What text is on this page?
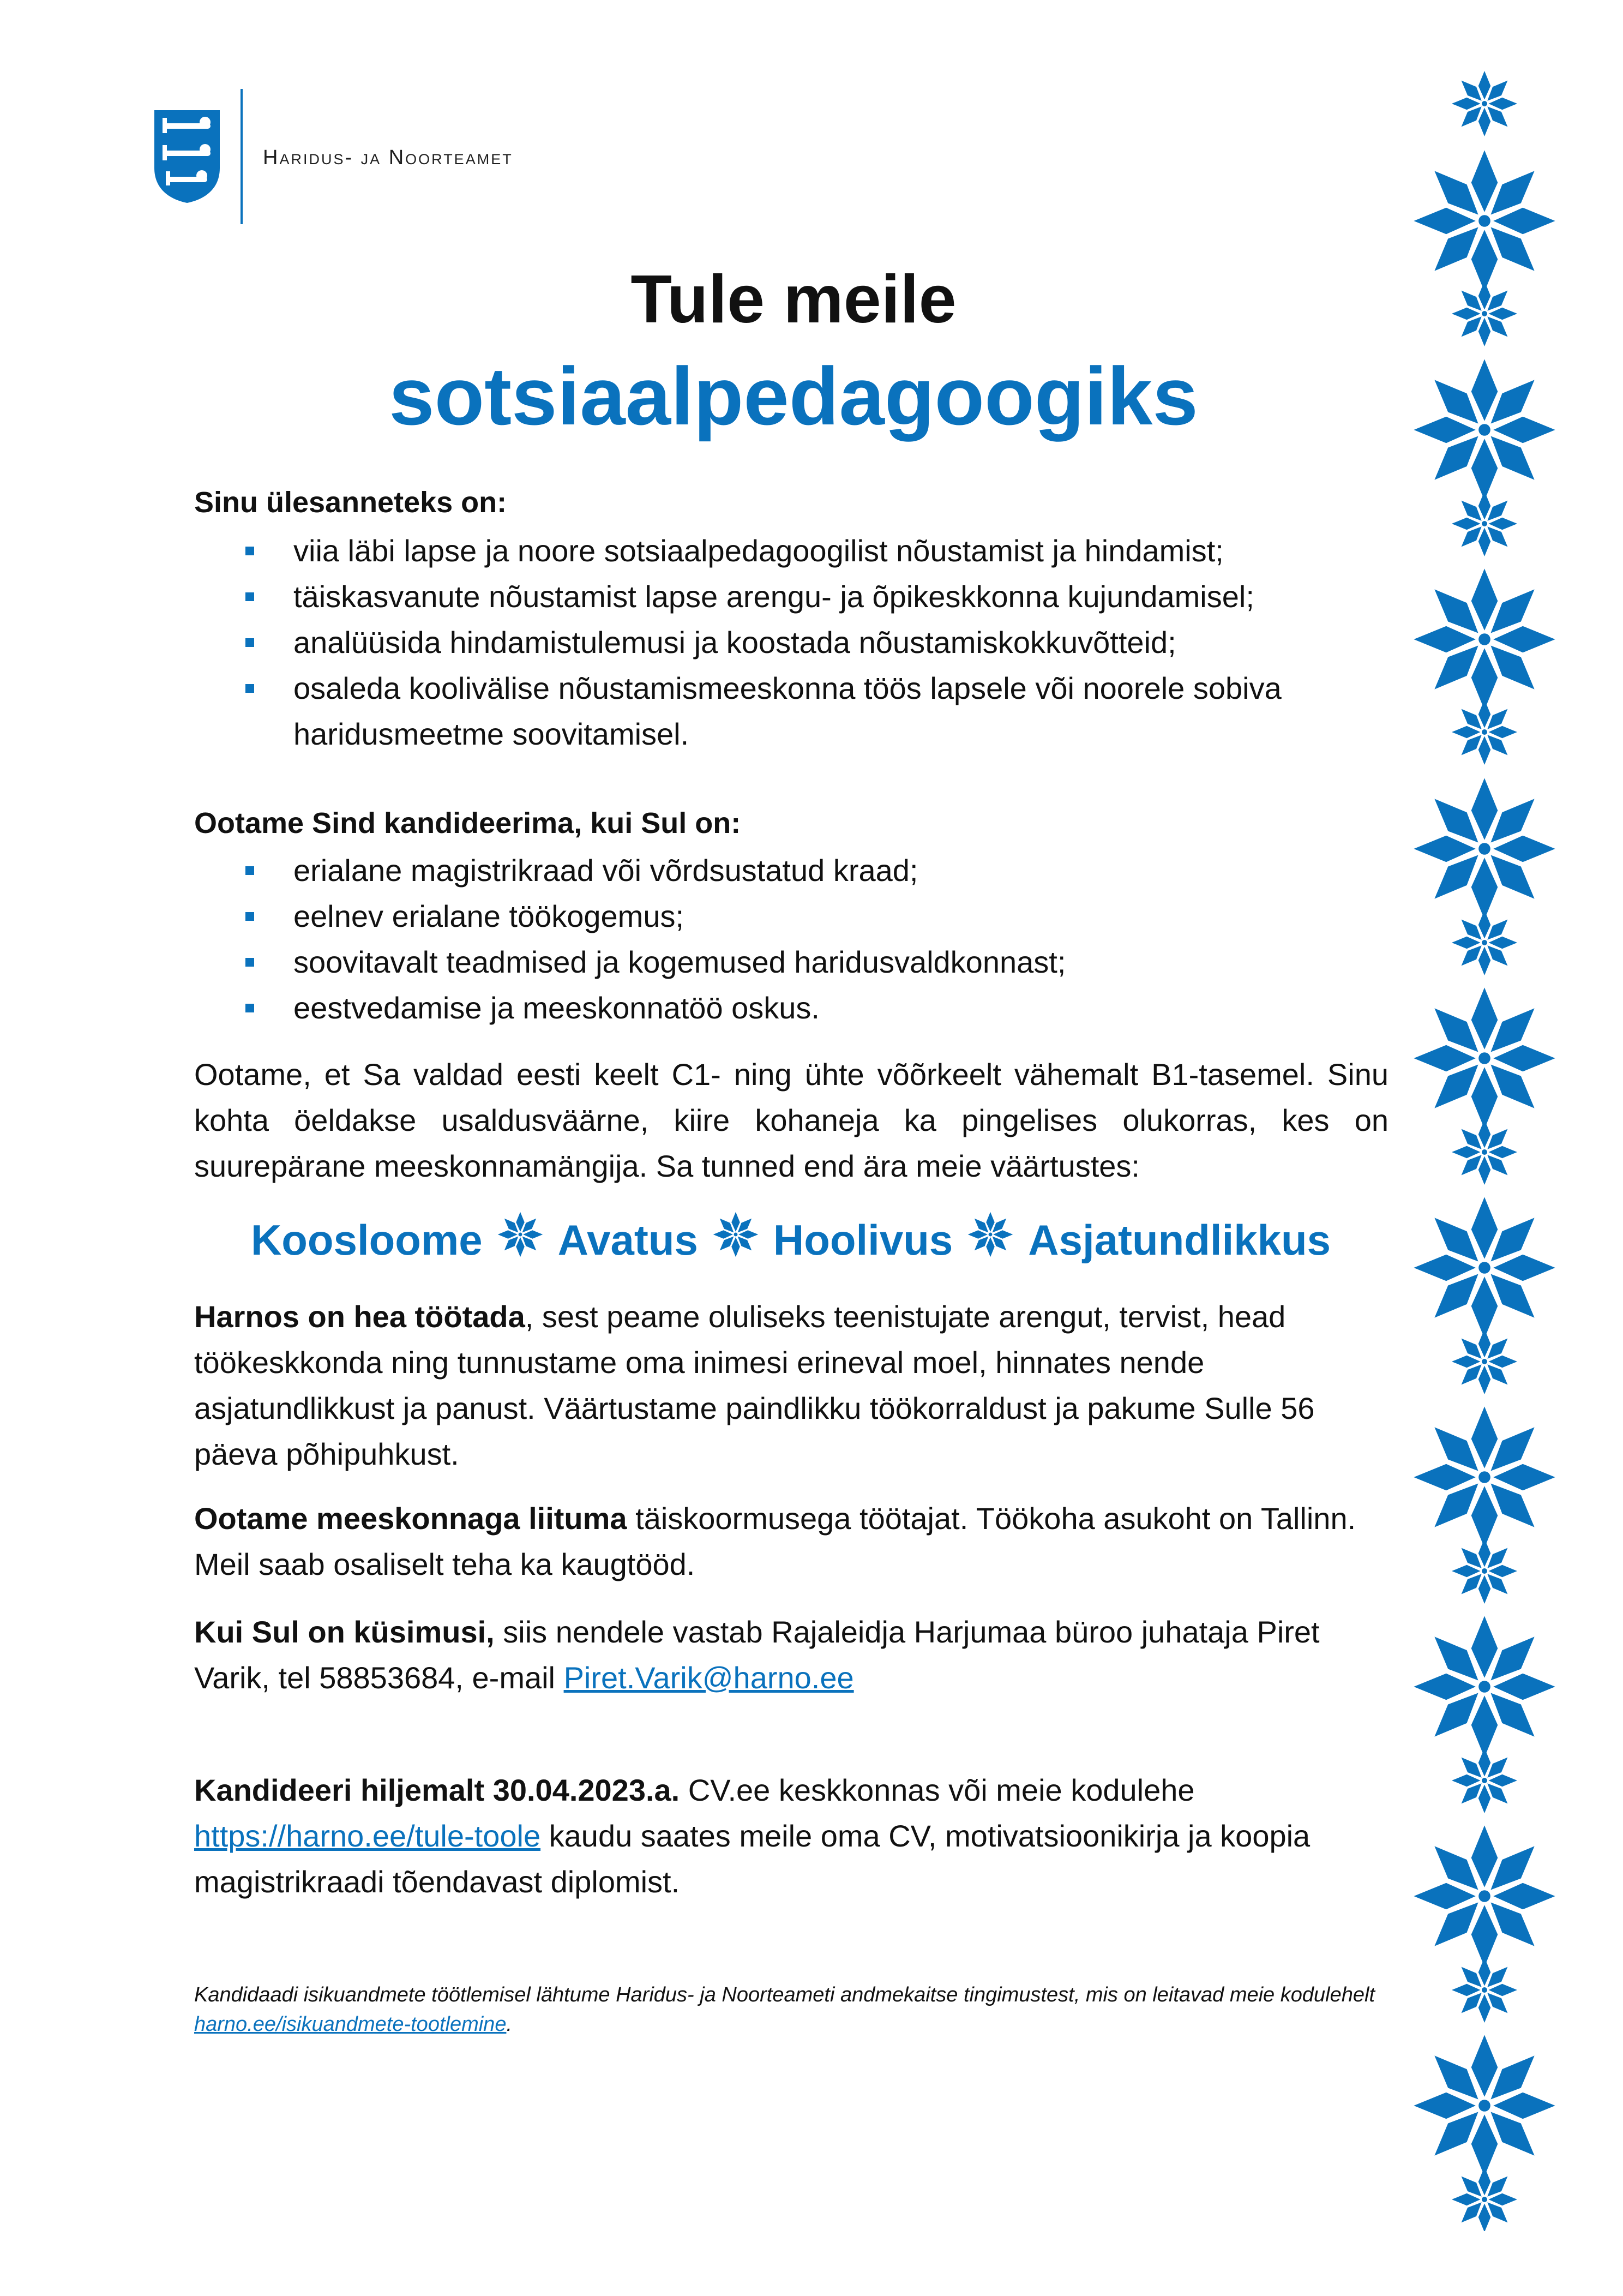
Haridus- ja Noorteamet
Tule meile
sotsiaalpedagoogiks
Sinu ülesanneteks on:
viia läbi lapse ja noore sotsiaalpedagoogilist nõustamist ja hindamist;
täiskasvanute nõustamist lapse arengu- ja õpikeskkonna kujundamisel;
analüüsida hindamistulemusi ja koostada nõustamiskokkuvõtteid;
osaleda koolivälise nõustamismeeskonna töös lapsele või noorele sobiva haridusmeetme soovitamisel.
Ootame Sind kandideerima, kui Sul on:
erialane magistrikraad või võrdsustatud kraad;
eelnev erialane töökogemus;
soovitavalt teadmised ja kogemused haridusvaldkonnast;
eestvedamise ja meeskonnatöö oskus.

Ootame, et Sa valdad eesti keelt C1- ning ühte võõrkeelt vähemalt B1-tasemel. Sinu kohta öeldakse usaldusväärne, kiire kohaneja ka pingelises olukorras, kes on suurepärane meeskonnamängija. Sa tunned end ära meie väärtustes:

Koosloome Avatus Hoolivus Asjatundlikkus

Harnos on hea töötada, sest peame oluliseks teenistujate arengut, tervist, head töökeskkonda ning tunnustame oma inimesi erineval moel, hinnates nende asjatundlikkust ja panust. Väärtustame paindlikku töökorraldust ja pakume Sulle 56 päeva põhipuhkust.

Ootame meeskonnaga liituma täiskoormusega töötajat. Töökoha asukoht on Tallinn. Meil saab osaliselt teha ka kaugtööd.

Kui Sul on küsimusi, siis nendele vastab Rajaleidja Harjumaa büroo juhataja Piret Varik, tel 58853684, e-mail Piret.Varik@harno.ee

Kandideeri hiljemalt 30.04.2023.a. CV.ee keskkonnas või meie kodulehe https://harno.ee/tule-toole kaudu saates meile oma CV, motivatsioonikirja ja koopia magistrikraadi tõendavast diplomist.

Kandidaadi isikuandmete töötlemisel lähtume Haridus- ja Noorteameti andmekaitse tingimustest, mis on leitavad meie kodulehelt harno.ee/isikuandmete-tootlemine.
